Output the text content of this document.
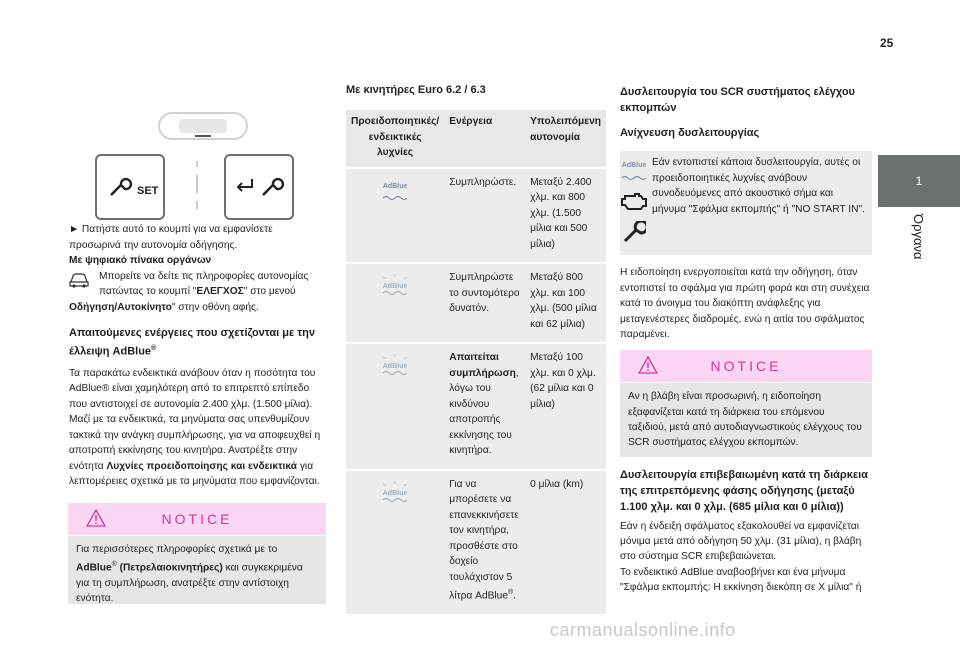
25
1
Όργανα
SET

► Πατήστε αυτό το κουμπί για να εμφανίσετε προσωρινά την αυτονομία οδήγησης.

Με ψηφιακό πίνακα οργάνων

Μπορείτε να δείτε τις πληροφορίες αυτονομίας πατώντας το κουμπί "ΕΛΕΓΧΟΣ" στο μενού

Οδήγηση/Αυτοκίνητο" στην οθόνη αφής.

Απαιτούμενες ενέργειες που σχετίζονται με την έλλειψη AdBlue®

Τα παρακάτω ενδεικτικά ανάβουν όταν η ποσότητα του AdBlue® είναι χαμηλότερη από το επιτρεπτό επίπεδο που αντιστοιχεί σε αυτονομία 2.400 χλμ. (1.500 μίλια). Μαζί με τα ενδεικτικά, τα μηνύματα σας υπενθυμίζουν τακτικά την ανάγκη συμπλήρωσης, για να αποφευχθεί η αποτροπή εκκίνησης του κινητήρα. Ανατρέξτε στην ενότητα Λυχνίες προειδοποίησης και ενδεικτικά για λεπτομέρειες σχετικά με τα μηνύματα που εμφανίζονται.

NOTICE
Για περισσότερες πληροφορίες σχετικά με το AdBlue® (Πετρελαιοκινητήρες) και συγκεκριμένα για τη συμπλήρωση, ανατρέξτε στην αντίστοιχη ενότητα.
Με κινητήρες Euro 6.2 / 6.3
Προειδοποιητικές/ ενδεικτικές λυχνίες	Ενέργεια	Υπολειπόμενη αυτονομία
AdBlue	Συμπληρώστε.	Μεταξύ 2.400 χλμ. και 800 χλμ. (1.500 μίλια και 500 μίλια)

AdBlue	Συμπληρώστε το συντομότερο δυνατόν.	Μεταξύ 800 χλμ. και 100 χλμ. (500 μίλια και 62 μίλια)

AdBlue	Απαιτείται συμπλήρωση, λόγω του κινδύνου αποτροπής εκκίνησης του κινητήρα.	Μεταξύ 100 χλμ. και 0 χλμ. (62 μίλια και 0 μίλια)

AdBlue	Για να μπορέσετε να επανεκκινήσετε τον κινητήρα, προσθέστε στο δοχείο τουλάχιστον 5 λίτρα AdBlue®.	0 μίλια (km)
Δυσλειτουργία του SCR συστήματος ελέγχου εκπομπών
Ανίχνευση δυσλειτουργίας
AdBlue Εάν εντοπιστεί κάποια δυσλειτουργία, αυτές οι προειδοποιητικές λυχνίες ανάβουν συνοδευόμενες από ακουστικό σήμα και μήνυμα "Σφάλμα εκπομπής" ή "NO START IN".

Η ειδοποίηση ενεργοποιείται κατά την οδήγηση, όταν εντοπιστεί το σφάλμα για πρώτη φορά και στη συνέχεια κατά το άνοιγμα του διακόπτη ανάφλεξης για μεταγενέστερες διαδρομές, ενώ η αιτία του σφάλματος παραμένει.

NOTICE
Αν η βλάβη είναι προσωρινή, η ειδοποίηση εξαφανίζεται κατά τη διάρκεια του επόμενου ταξιδιού, μετά από αυτοδιαγνωστικούς ελέγχους του SCR συστήματος ελέγχου εκπομπών.
Δυσλειτουργία επιβεβαιωμένη κατά τη διάρκεια της επιτρεπόμενης φάσης οδήγησης (μεταξύ 1.100 χλμ. και 0 χλμ. (685 μίλια και 0 μίλια))

Εάν η ένδειξη σφάλματος εξακολουθεί να εμφανίζεται μόνιμα μετά από οδήγηση 50 χλμ. (31 μίλια), η βλάβη στο σύστημα SCR επιβεβαιώνεται.

Το ενδεικτικό AdBlue αναβοσβήνει και ένα μήνυμα "Σφάλμα εκπομπής: Η εκκίνηση διεκόπη σε Χ μίλια" ή

carmanualsonline.info
